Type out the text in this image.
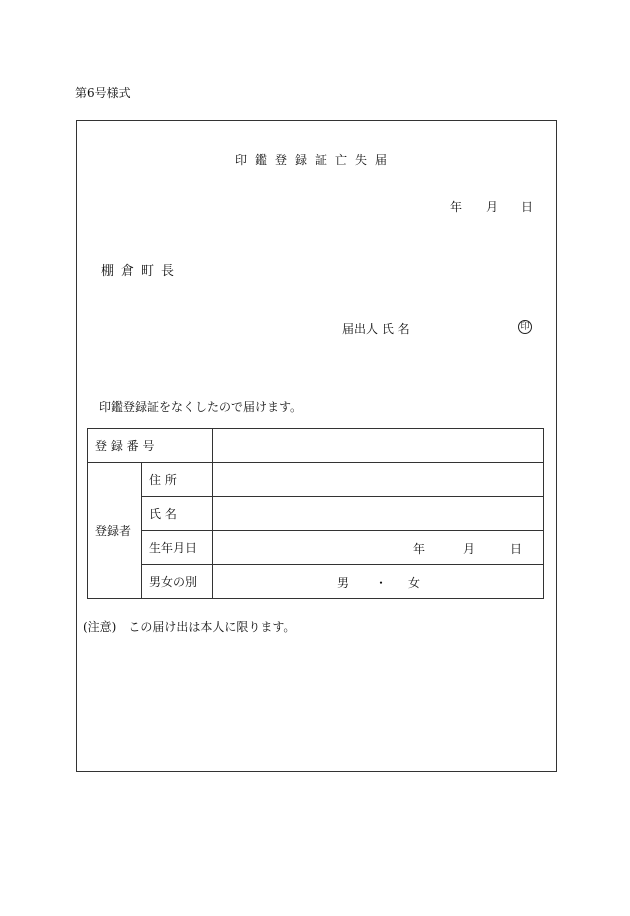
第6号様式
印鑑登録証亡失届
年 月 日
棚倉町長
届出人 氏 名	印
印鑑登録証をなくしたので届けます。
登 録 番 号		
登録者	住 所	
	氏 名	
	生年月日	年 月 日

	男女の別	男 ・ 女
(注意)　この届け出は本人に限ります。
